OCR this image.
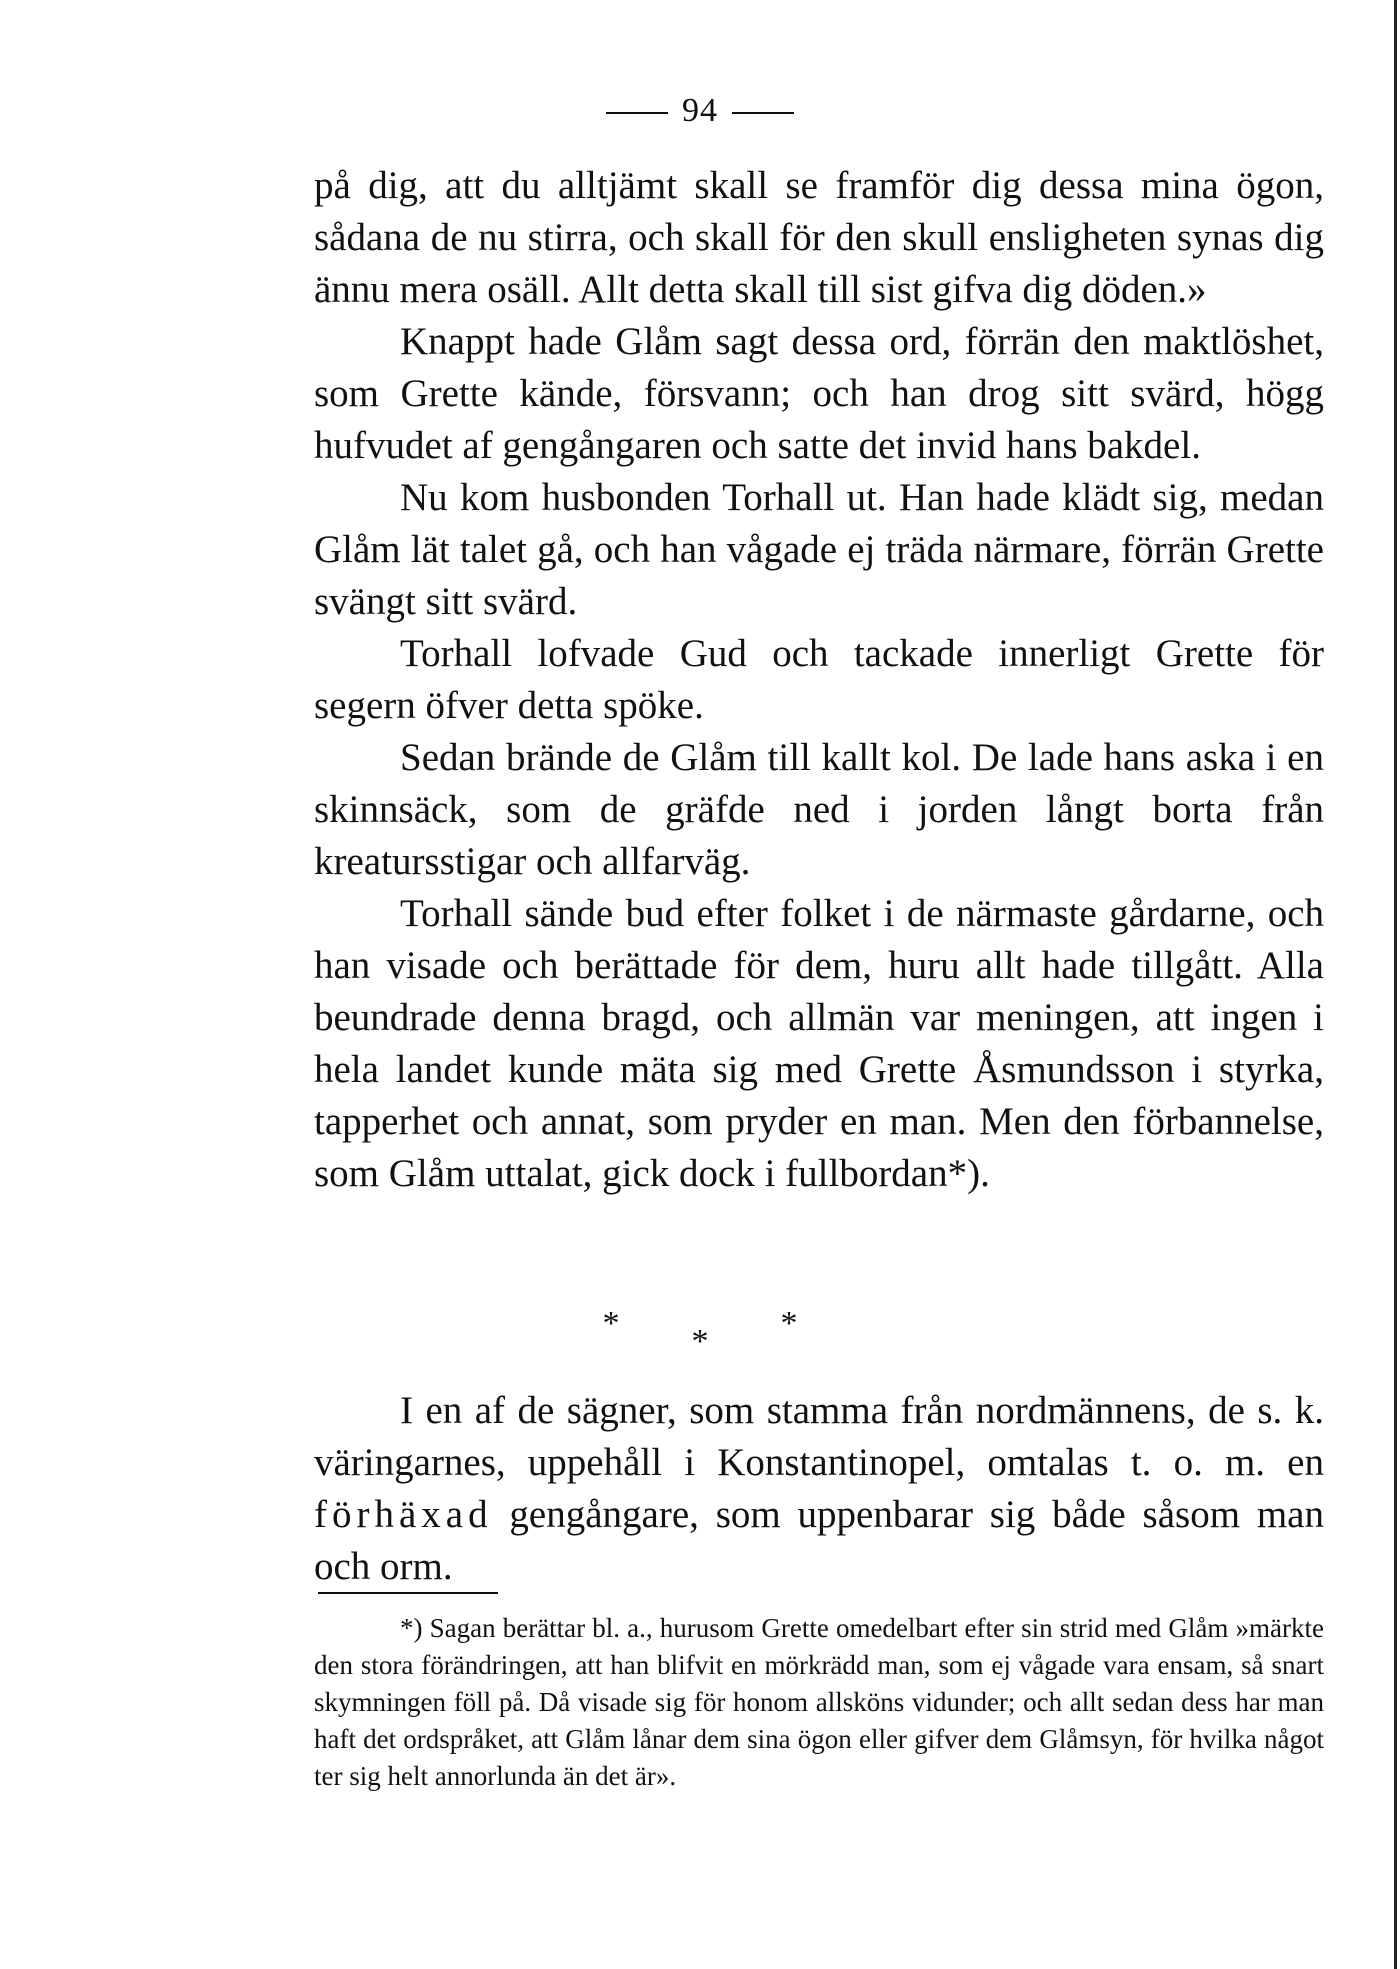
94

på dig, att du alltjämt skall se framför dig dessa mina ögon, sådana de nu stirra, och skall för den skull ensligheten synas dig ännu mera osäll. Allt detta skall till sist gifva dig döden.»

Knappt hade Glåm sagt dessa ord, förrän den maktlöshet, som Grette kände, försvann; och han drog sitt svärd, högg hufvudet af gengångaren och satte det invid hans bakdel.

Nu kom husbonden Torhall ut. Han hade klädt sig, medan Glåm lät talet gå, och han vågade ej träda närmare, förrän Grette svängt sitt svärd.

Torhall lofvade Gud och tackade innerligt Grette för segern öfver detta spöke.

Sedan brände de Glåm till kallt kol. De lade hans aska i en skinnsäck, som de gräfde ned i jorden långt borta från kreatursstigar och allfarväg.

Torhall sände bud efter folket i de närmaste gårdarne, och han visade och berättade för dem, huru allt hade tillgått. Alla beundrade denna bragd, och allmän var meningen, att ingen i hela landet kunde mäta sig med Grette Åsmundsson i styrka, tapperhet och annat, som pryder en man. Men den förbannelse, som Glåm uttalat, gick dock i fullbordan*).

* * *

I en af de sägner, som stamma från nordmännens, de s. k. väringarnes, uppehåll i Konstantinopel, omtalas t. o. m. en förhäxad gengångare, som uppenbarar sig både såsom man och orm.

*) Sagan berättar bl. a., hurusom Grette omedelbart efter sin strid med Glåm »märkte den stora förändringen, att han blifvit en mörkrädd man, som ej vågade vara ensam, så snart skymningen föll på. Då visade sig för honom allsköns vidunder; och allt sedan dess har man haft det ordspråket, att Glåm lånar dem sina ögon eller gifver dem Glåmsyn, för hvilka något ter sig helt annorlunda än det är».
